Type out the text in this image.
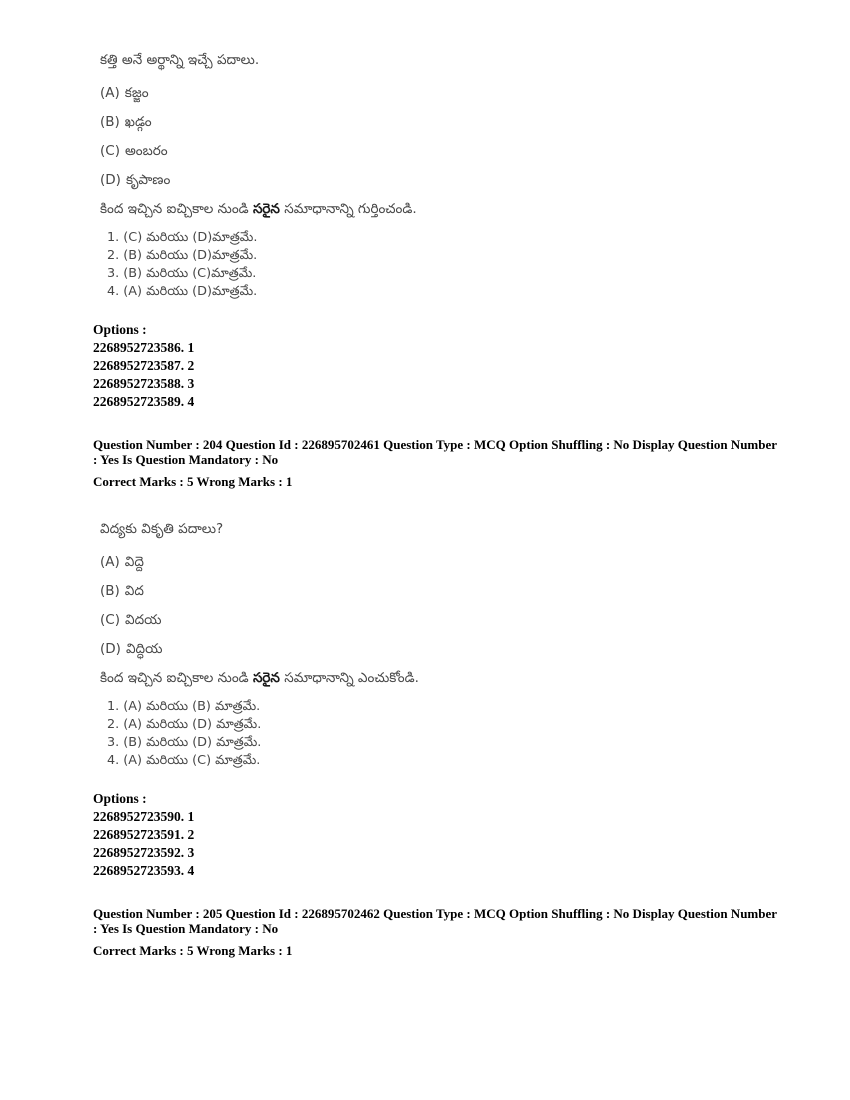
కత్తి అనే అర్థాన్ని ఇచ్చే పదాలు.

(A) కజ్జం

(B) ఖడ్గం

(C) అంబరం

(D) కృపాణం

కింద ఇచ్చిన ఐచ్చికాల నుండి సరైన సమాధానాన్ని గుర్తించండి.

1. (C) మరియు (D)మాత్రమే.
2. (B) మరియు (D)మాత్రమే.
3. (B) మరియు (C)మాత్రమే.
4. (A) మరియు (D)మాత్రమే.

Options :

2268952723586. 1

2268952723587. 2

2268952723588. 3

2268952723589. 4

Question Number : 204 Question Id : 226895702461 Question Type : MCQ Option Shuffling : No Display Question Number : Yes Is Question Mandatory : No

Correct Marks : 5 Wrong Marks : 1

విద్యకు వికృతి పదాలు?

(A) విద్దె

(B) విద

(C) విదయ

(D) విద్ధియ

కింద ఇచ్చిన ఐచ్చికాల నుండి సరైన సమాధానాన్ని ఎంచుకోండి.

1. (A) మరియు (B) మాత్రమే.
2. (A) మరియు (D) మాత్రమే.
3. (B) మరియు (D) మాత్రమే.
4. (A) మరియు (C) మాత్రమే.

Options :

2268952723590. 1

2268952723591. 2

2268952723592. 3

2268952723593. 4

Question Number : 205 Question Id : 226895702462 Question Type : MCQ Option Shuffling : No Display Question Number : Yes Is Question Mandatory : No

Correct Marks : 5 Wrong Marks : 1
